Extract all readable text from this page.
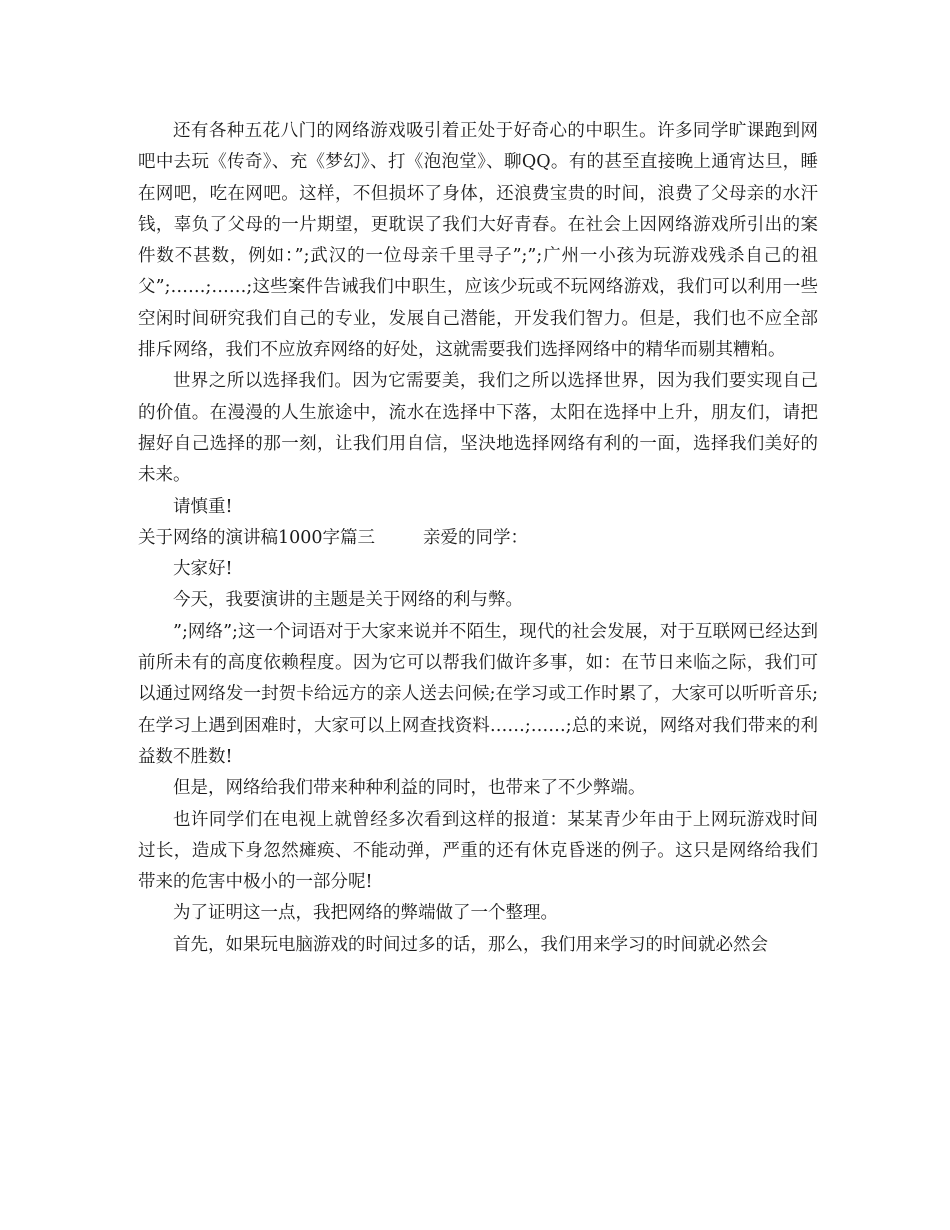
还有各种五花八门的网络游戏吸引着正处于好奇心的中职生。许多同学旷课跑到网吧中去玩《传奇》、充《梦幻》、打《泡泡堂》、聊QQ。有的甚至直接晚上通宵达旦，睡在网吧，吃在网吧。这样，不但损坏了身体，还浪费宝贵的时间，浪费了父母亲的水汗钱，辜负了父母的一片期望，更耽误了我们大好青春。在社会上因网络游戏所引出的案件数不甚数，例如：”;武汉的一位母亲千里寻子”;”;广州一小孩为玩游戏残杀自己的祖父”;……;……;这些案件告诫我们中职生，应该少玩或不玩网络游戏，我们可以利用一些空闲时间研究我们自己的专业，发展自己潜能，开发我们智力。但是，我们也不应全部排斥网络，我们不应放弃网络的好处，这就需要我们选择网络中的精华而剔其糟粕。

世界之所以选择我们。因为它需要美，我们之所以选择世界，因为我们要实现自己的价值。在漫漫的人生旅途中，流水在选择中下落，太阳在选择中上升，朋友们，请把握好自己选择的那一刻，让我们用自信，坚決地选择网络有利的一面，选择我们美好的未来。

请慎重!

关于网络的演讲稿1000字篇三	亲爱的同学：

大家好!

今天，我要演讲的主题是关于网络的利与弊。

”;网络”;这一个词语对于大家来说并不陌生，现代的社会发展，对于互联网已经达到前所未有的高度依赖程度。因为它可以帮我们做许多事，如：在节日来临之际，我们可以通过网络发一封贺卡给远方的亲人送去问候;在学习或工作时累了，大家可以听听音乐;在学习上遇到困难时，大家可以上网查找资料……;……;总的来说，网络对我们带来的利益数不胜数!

但是，网络给我们带来种种利益的同时，也带来了不少弊端。

也许同学们在电视上就曾经多次看到这样的报道：某某青少年由于上网玩游戏时间过长，造成下身忽然瘫痪、不能动弹，严重的还有休克昏迷的例子。这只是网络给我们带来的危害中极小的一部分呢!

为了证明这一点，我把网络的弊端做了一个整理。

首先，如果玩电脑游戏的时间过多的话，那么，我们用来学习的时间就必然会
